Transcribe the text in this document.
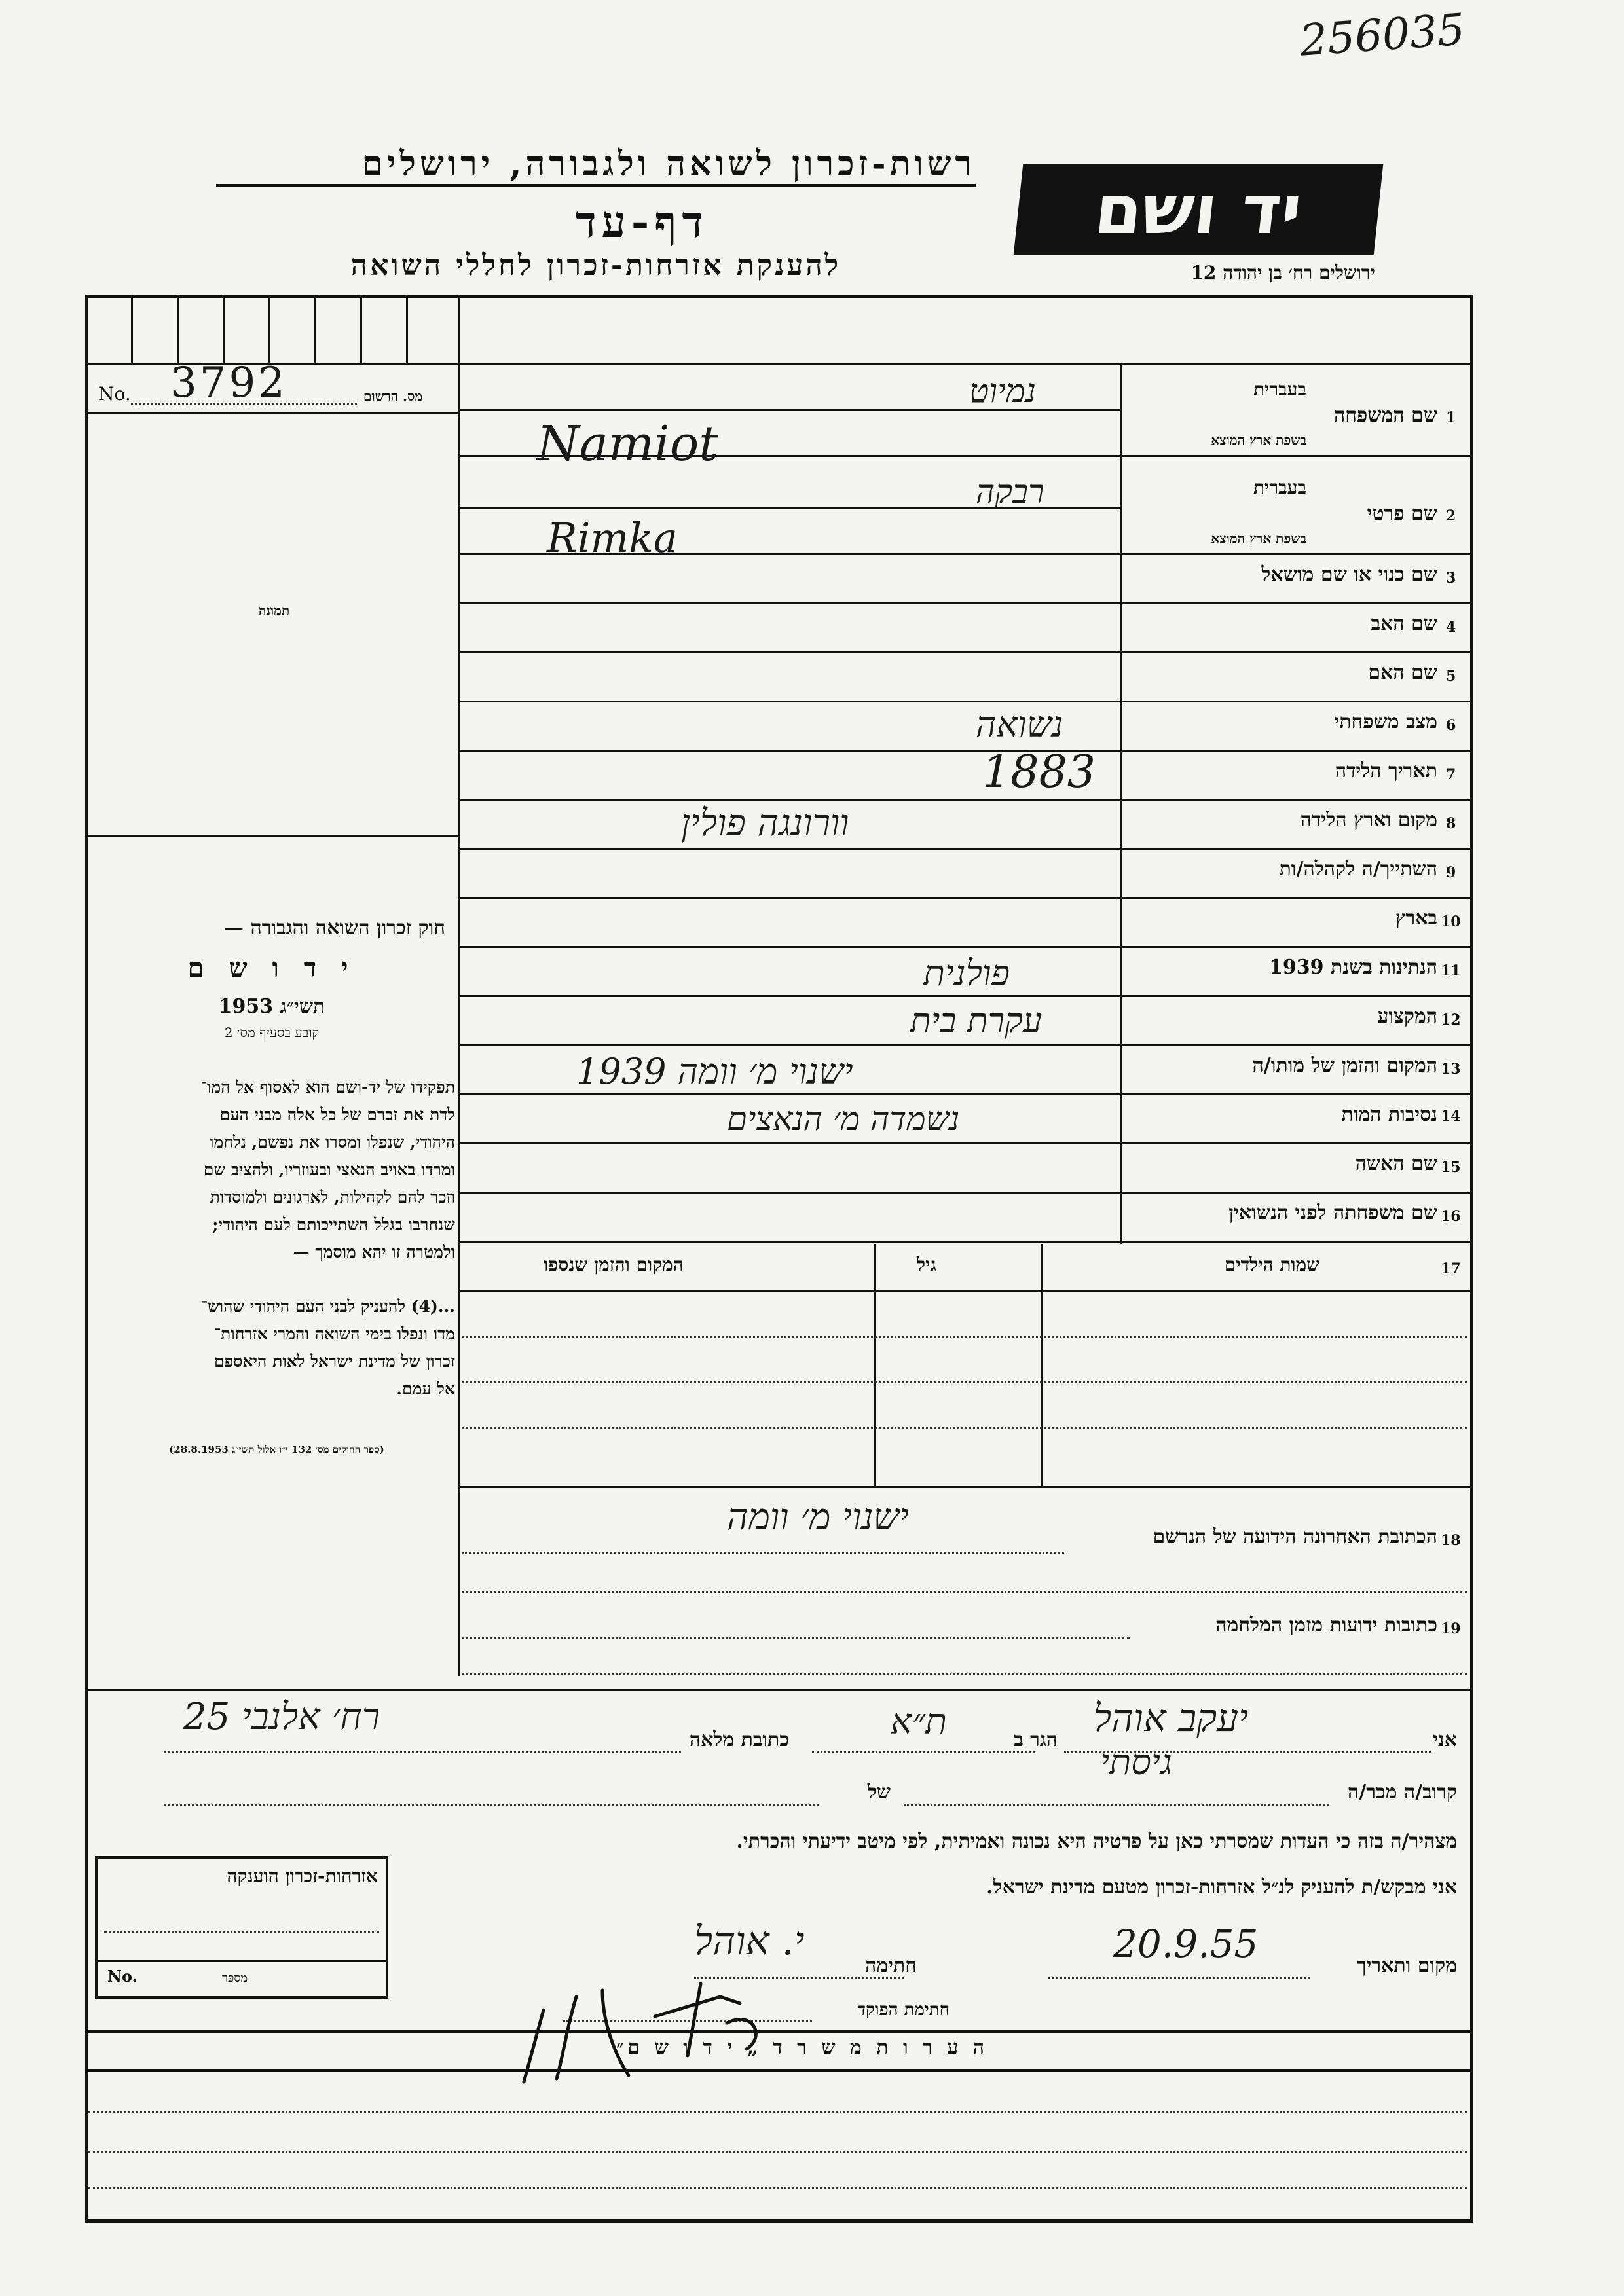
256035
רשות-זכרון לשואה ולגבורה, ירושלים
דף-עד
להענקת אזרחות-זכרון לחללי השואה
יד ושם
ירושלים רח׳ בן יהודה 12
No. 3792	מס. הרשום
תמונה
חוק זכרון השואה והגבורה —
י ד ו ש ם
תשי״ג 1953
קובע בסעיף מס׳ 2
תפקידו של יד-ושם הוא לאסוף אל המו־
לדת את זכרם של כל אלה מבני העם
היהודי, שנפלו ומסרו את נפשם, נלחמו
ומרדו באויב הנאצי ובעוזריו, ולהציב שם
וזכר להם לקהילות, לארגונים ולמוסדות
שנחרבו בגלל השתייכותם לעם היהודי;
ולמטרה זו יהא מוסמך —
...(4) להעניק לבני העם היהודי שהוש־
מדו ונפלו בימי השואה והמרי אזרחות־
זכרון של מדינת ישראל לאות היאספם
אל עמם.
(ספר החוקים מס׳ 132 י״ו אלול תשי״ג 28.8.1953)
1
שם המשפחה
בעברית
בשפת ארץ המוצא
נמיוט
Namiot
2
שם פרטי
בעברית
בשפת ארץ המוצא
רבקה
Rimka
3
שם כנוי או שם מושאל
4
שם האב
5
שם האם
6
מצב משפחתי
נשואה
7
תאריך הלידה
1883
8
מקום וארץ הלידה
וורונגה פולין
9
השתייך/ה לקהלה/ות
10
בארץ
11
הנתינות בשנת 1939
פולנית
12
המקצוע
עקרת בית
13
המקום והזמן של מותו/ה
ישנוי מ׳ וומה 1939
14
נסיבות המות
נשמדה מ׳ הנאצים
15
שם האשה
16
שם משפחתה לפני הנשואין
17
שמות הילדים
גיל
המקום והזמן שנספו
18
הכתובת האחרונה הידועה של הנרשם
ישנוי מ׳ וומה
19
כתובות ידועות מזמן המלחמה
אני
יעקב אוהל
הגר ב
ת״א
כתובת מלאה
רח׳ אלנבי 25
קרוב/ה מכר/ה
גיסתי
של
מצהיר/ה בזה כי העדות שמסרתי כאן על פרטיה היא נכונה ואמיתית, לפי מיטב ידיעתי והכרתי.
אני מבקש/ת להעניק לנ״ל אזרחות-זכרון מטעם מדינת ישראל.
מקום ותאריך
20.9.55
חתימה
י. אוהל
חתימת הפוקד
אזרחות-זכרון הוענקה
No.	מספר
ה ע ר ו ת מ ש ר ד „ י ד ו ש ם״
